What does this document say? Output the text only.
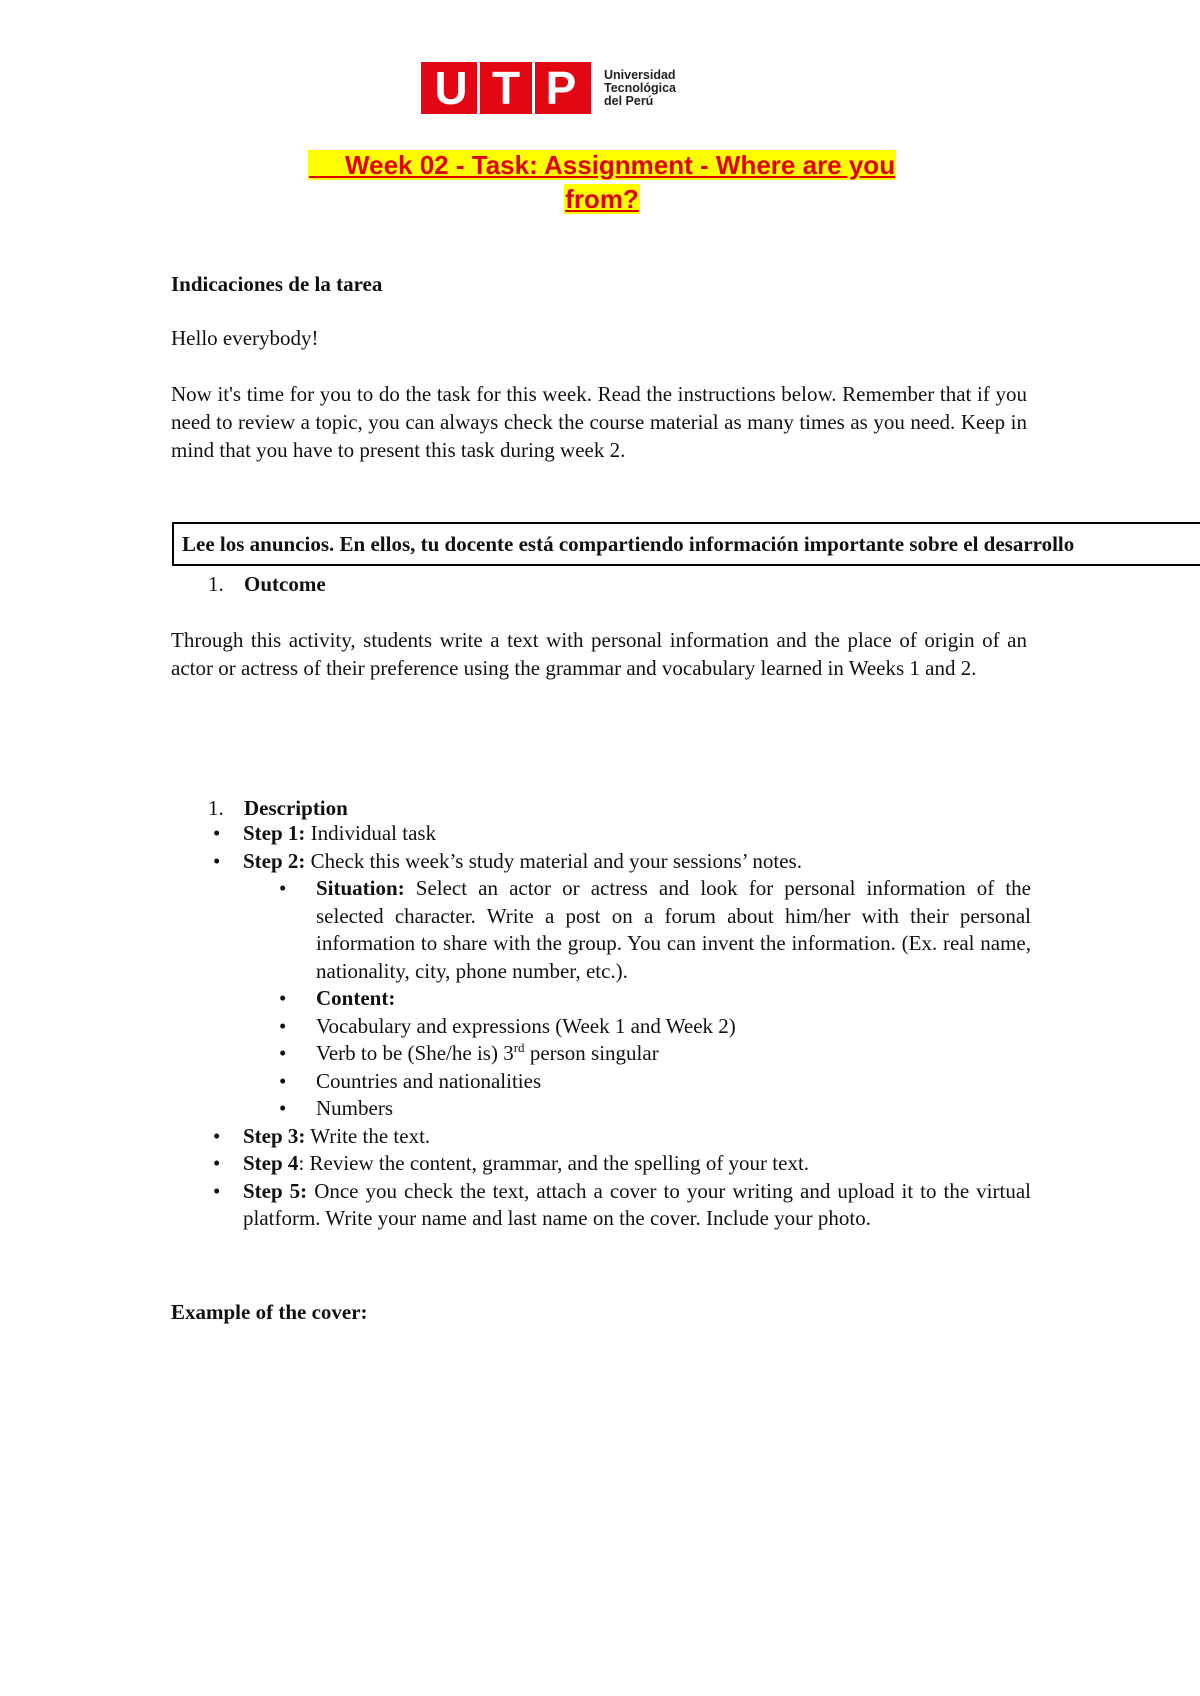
U T P	Universidad
Tecnológica
del Perú
Week 02 - Task: Assignment - Where are you
from?
Indicaciones de la tarea
Hello everybody!
Now it's time for you to do the task for this week. Read the instructions below. Remember that if you need to review a topic, you can always check the course material as many times as you need. Keep in mind that you have to present this task during week 2.
Lee los anuncios. En ellos, tu docente está compartiendo información importante sobre el desarrollo
1. Outcome
Through this activity, students write a text with personal information and the place of origin of an actor or actress of their preference using the grammar and vocabulary learned in Weeks 1 and 2.
1. Description
• Step 1: Individual task
• Step 2: Check this week’s study material and your sessions’ notes.
• Situation: Select an actor or actress and look for personal information of the selected character. Write a post on a forum about him/her with their personal information to share with the group. You can invent the information. (Ex. real name, nationality, city, phone number, etc.).
• Content:
• Vocabulary and expressions (Week 1 and Week 2)
• Verb to be (She/he is) 3rd person singular
• Countries and nationalities
• Numbers
• Step 3: Write the text.
• Step 4: Review the content, grammar, and the spelling of your text.
• Step 5: Once you check the text, attach a cover to your writing and upload it to the virtual platform. Write your name and last name on the cover. Include your photo.
Example of the cover:
